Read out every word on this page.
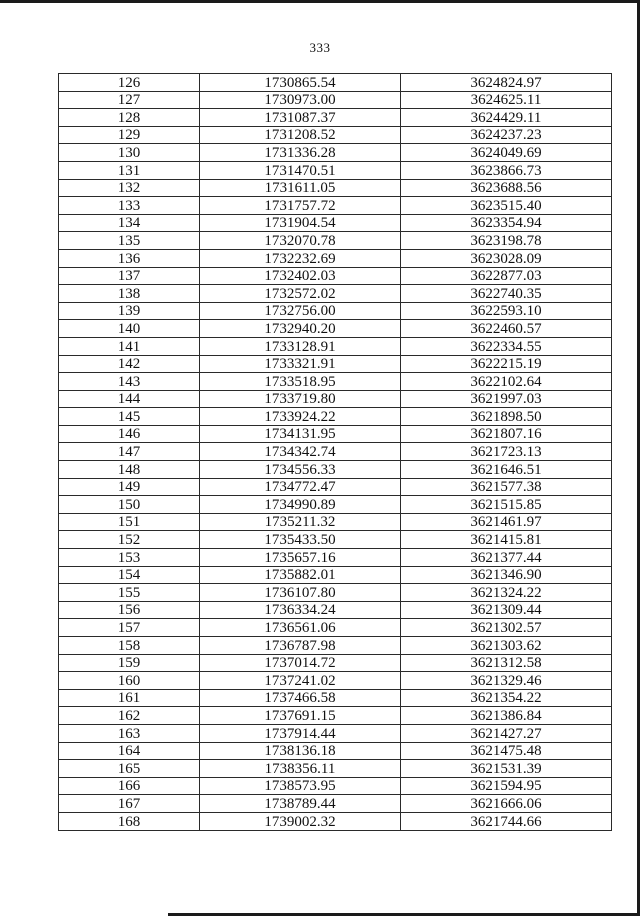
333
126	1730865.54	3624824.97
127	1730973.00	3624625.11
128	1731087.37	3624429.11
129	1731208.52	3624237.23
130	1731336.28	3624049.69
131	1731470.51	3623866.73
132	1731611.05	3623688.56
133	1731757.72	3623515.40
134	1731904.54	3623354.94
135	1732070.78	3623198.78
136	1732232.69	3623028.09
137	1732402.03	3622877.03
138	1732572.02	3622740.35
139	1732756.00	3622593.10
140	1732940.20	3622460.57
141	1733128.91	3622334.55
142	1733321.91	3622215.19
143	1733518.95	3622102.64
144	1733719.80	3621997.03
145	1733924.22	3621898.50
146	1734131.95	3621807.16
147	1734342.74	3621723.13
148	1734556.33	3621646.51
149	1734772.47	3621577.38
150	1734990.89	3621515.85
151	1735211.32	3621461.97
152	1735433.50	3621415.81
153	1735657.16	3621377.44
154	1735882.01	3621346.90
155	1736107.80	3621324.22
156	1736334.24	3621309.44
157	1736561.06	3621302.57
158	1736787.98	3621303.62
159	1737014.72	3621312.58
160	1737241.02	3621329.46
161	1737466.58	3621354.22
162	1737691.15	3621386.84
163	1737914.44	3621427.27
164	1738136.18	3621475.48
165	1738356.11	3621531.39
166	1738573.95	3621594.95
167	1738789.44	3621666.06
168	1739002.32	3621744.66
